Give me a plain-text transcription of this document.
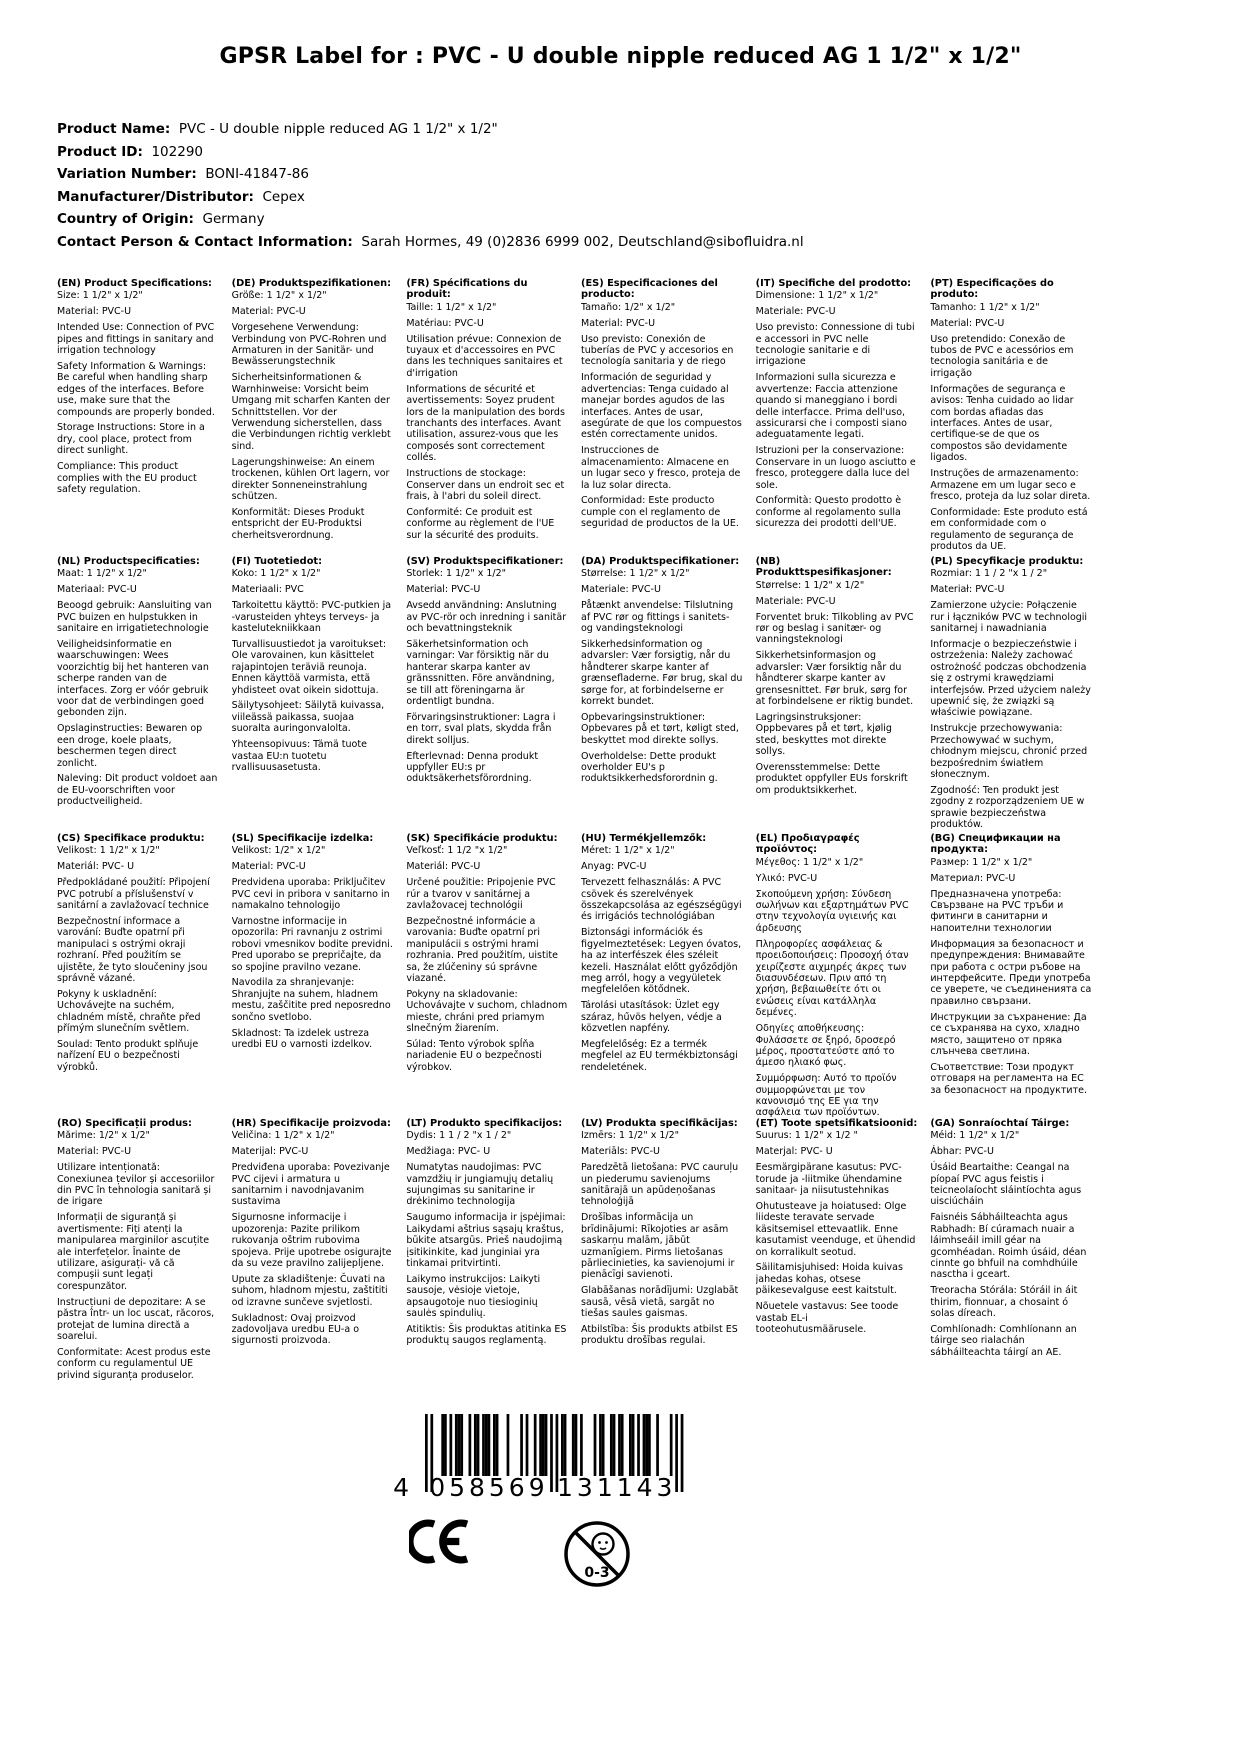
GPSR Label for : PVC - U double nipple reduced AG 1 1/2" x 1/2"
Product Name:  PVC - U double nipple reduced AG 1 1/2" x 1/2"
Product ID:  102290
Variation Number:  BONI-41847-86
Manufacturer/Distributor:  Cepex
Country of Origin:  Germany
Contact Person & Contact Information:  Sarah Hormes, 49 (0)2836 6999 002, Deutschland@sibofluidra.nl
(EN) Product Specifications:

Size: 1 1/2" x 1/2"

Material: PVC-U

Intended Use: Connection of PVC pipes and fittings in sanitary and irrigation technology

Safety Information & Warnings: Be careful when handling sharp edges of the interfaces. Before use, make sure that the compounds are properly bonded.

Storage Instructions: Store in a dry, cool place, protect from direct sunlight.

Compliance: This product complies with the EU product safety regulation.

(DE) Produktspezifikationen:

Größe: 1 1/2" x 1/2"

Material: PVC-U

Vorgesehene Verwendung: Verbindung von PVC-Rohren und Armaturen in der Sanitär- und Bewässerungstechnik

Sicherheitsinformationen & Warnhinweise: Vorsicht beim Umgang mit scharfen Kanten der Schnittstellen. Vor der Verwendung sicherstellen, dass die Verbindungen richtig verklebt sind.

Lagerungshinweise: An einem trockenen, kühlen Ort lagern, vor direkter Sonneneinstrahlung schützen.

Konformität: Dieses Produkt entspricht der EU-Produktsi cherheitsverordnung.

(FR) Spécifications du produit:

Taille: 1 1/2" x 1/2"

Matériau: PVC-U

Utilisation prévue: Connexion de tuyaux et d'accessoires en PVC dans les techniques sanitaires et d'irrigation

Informations de sécurité et avertissements: Soyez prudent lors de la manipulation des bords tranchants des interfaces. Avant utilisation, assurez-vous que les composés sont correctement collés.

Instructions de stockage: Conserver dans un endroit sec et frais, à l'abri du soleil direct.

Conformité: Ce produit est conforme au règlement de l'UE sur la sécurité des produits.

(ES) Especificaciones del producto:

Tamaño: 1/2" x 1/2"

Material: PVC-U

Uso previsto: Conexión de tuberías de PVC y accesorios en tecnología sanitaria y de riego

Información de seguridad y advertencias: Tenga cuidado al manejar bordes agudos de las interfaces. Antes de usar, asegúrate de que los compuestos estén correctamente unidos.

Instrucciones de almacenamiento: Almacene en un lugar seco y fresco, proteja de la luz solar directa.

Conformidad: Este producto cumple con el reglamento de seguridad de productos de la UE.

(IT) Specifiche del prodotto:

Dimensione: 1 1/2" x 1/2"

Materiale: PVC-U

Uso previsto: Connessione di tubi e accessori in PVC nelle tecnologie sanitarie e di irrigazione

Informazioni sulla sicurezza e avvertenze: Faccia attenzione quando si maneggiano i bordi delle interfacce. Prima dell'uso, assicurarsi che i composti siano adeguatamente legati.

Istruzioni per la conservazione: Conservare in un luogo asciutto e fresco, proteggere dalla luce del sole.

Conformità: Questo prodotto è conforme al regolamento sulla sicurezza dei prodotti dell'UE.

(PT) Especificações do produto:

Tamanho: 1 1/2" x 1/2"

Material: PVC-U

Uso pretendido: Conexão de tubos de PVC e acessórios em tecnologia sanitária e de irrigação

Informações de segurança e avisos: Tenha cuidado ao lidar com bordas afiadas das interfaces. Antes de usar, certifique-se de que os compostos são devidamente ligados.

Instruções de armazenamento: Armazene em um lugar seco e fresco, proteja da luz solar direta.

Conformidade: Este produto está em conformidade com o regulamento de segurança de produtos da UE.

(NL) Productspecificaties:

Maat: 1 1/2" x 1/2"

Materiaal: PVC-U

Beoogd gebruik: Aansluiting van PVC buizen en hulpstukken in sanitaire en irrigatietechnologie

Veiligheidsinformatie en waarschuwingen: Wees voorzichtig bij het hanteren van scherpe randen van de interfaces. Zorg er vóór gebruik voor dat de verbindingen goed gebonden zijn.

Opslaginstructies: Bewaren op een droge, koele plaats, beschermen tegen direct zonlicht.

Naleving: Dit product voldoet aan de EU-voorschriften voor productveiligheid.

(FI) Tuotetiedot:

Koko: 1 1/2" x 1/2"

Materiaali: PVC

Tarkoitettu käyttö: PVC-putkien ja -varusteiden yhteys terveys- ja kastelutekniikkaan

Turvallisuustiedot ja varoitukset: Ole varovainen, kun käsittelet rajapintojen teräviä reunoja. Ennen käyttöä varmista, että yhdisteet ovat oikein sidottuja.

Säilytysohjeet: Säilytä kuivassa, viileässä paikassa, suojaa suoralta auringonvalolta.

Yhteensopivuus: Tämä tuote vastaa EU:n tuotetu rvallisuusasetusta.

(SV) Produktspecifikationer:

Storlek: 1 1/2" x 1/2"

Material: PVC-U

Avsedd användning: Anslutning av PVC-rör och inredning i sanitär och bevattningsteknik

Säkerhetsinformation och varningar: Var försiktig när du hanterar skarpa kanter av gränssnitten. Före användning, se till att föreningarna är ordentligt bundna.

Förvaringsinstruktioner: Lagra i en torr, sval plats, skydda från direkt solljus.

Efterlevnad: Denna produkt uppfyller EU:s pr oduktsäkerhetsförordning.

(DA) Produktspecifikationer:

Størrelse: 1 1/2" x 1/2"

Materiale: PVC-U

Påtænkt anvendelse: Tilslutning af PVC rør og fittings i sanitets- og vandingsteknologi

Sikkerhedsinformation og advarsler: Vær forsigtig, når du håndterer skarpe kanter af grænsefladerne. Før brug, skal du sørge for, at forbindelserne er korrekt bundet.

Opbevaringsinstruktioner: Opbevares på et tørt, køligt sted, beskyttet mod direkte sollys.

Overholdelse: Dette produkt overholder EU's p roduktsikkerhedsforordnin g.

(NB) Produkttspesifikasjoner:

Størrelse: 1 1/2" x 1/2"

Materiale: PVC-U

Forventet bruk: Tilkobling av PVC rør og beslag i sanitær- og vanningsteknologi

Sikkerhetsinformasjon og advarsler: Vær forsiktig når du håndterer skarpe kanter av grensesnittet. Før bruk, sørg for at forbindelsene er riktig bundet.

Lagringsinstruksjoner: Oppbevares på et tørt, kjølig sted, beskyttes mot direkte sollys.

Overensstemmelse: Dette produktet oppfyller EUs forskrift om produktsikkerhet.

(PL) Specyfikacje produktu:

Rozmiar: 1 1 / 2 "x 1 / 2"

Materiał: PVC-U

Zamierzone użycie: Połączenie rur i łączników PVC w technologii sanitarnej i nawadniania

Informacje o bezpieczeństwie i ostrzeżenia: Należy zachować ostrożność podczas obchodzenia się z ostrymi krawędziami interfejsów. Przed użyciem należy upewnić się, że związki są właściwie powiązane.

Instrukcje przechowywania: Przechowywać w suchym, chłodnym miejscu, chronić przed bezpośrednim światłem słonecznym.

Zgodność: Ten produkt jest zgodny z rozporządzeniem UE w sprawie bezpieczeństwa produktów.

(CS) Specifikace produktu:

Velikost: 1 1/2" x 1/2"

Materiál: PVC- U

Předpokládané použití: Připojení PVC potrubí a příslušenství v sanitární a zavlažovací technice

Bezpečnostní informace a varování: Buďte opatrní při manipulaci s ostrými okraji rozhraní. Před použitím se ujistěte, že tyto sloučeniny jsou správně vázané.

Pokyny k uskladnění: Uchovávejte na suchém, chladném místě, chraňte před přímým slunečním světlem.

Soulad: Tento produkt splňuje nařízení EU o bezpečnosti výrobků.

(SL) Specifikacije izdelka:

Velikost: 1/2" x 1/2"

Material: PVC-U

Predvidena uporaba: Priključitev PVC cevi in pribora v sanitarno in namakalno tehnologijo

Varnostne informacije in opozorila: Pri ravnanju z ostrimi robovi vmesnikov bodite previdni. Pred uporabo se prepričajte, da so spojine pravilno vezane.

Navodila za shranjevanje: Shranjujte na suhem, hladnem mestu, zaščitite pred neposredno sončno svetlobo.

Skladnost: Ta izdelek ustreza uredbi EU o varnosti izdelkov.

(SK) Špecifikácie produktu:

Veľkosť: 1 1/2 "x 1/2"

Materiál: PVC-U

Určené použitie: Pripojenie PVC rúr a tvarov v sanitárnej a zavlažovacej technológii

Bezpečnostné informácie a varovania: Buďte opatrní pri manipulácii s ostrými hrami rozhrania. Pred použitím, uistite sa, že zlúčeniny sú správne viazané.

Pokyny na skladovanie: Uchovávajte v suchom, chladnom mieste, chráni pred priamym slnečným žiarením.

Súlad: Tento výrobok spĺňa nariadenie EU o bezpečnosti výrobkov.

(HU) Termékjellemzők:

Méret: 1 1/2" x 1/2"

Anyag: PVC-U

Tervezett felhasználás: A PVC csövek és szerelvények összekapcsolása az egészségügyi és irrigációs technológiában

Biztonsági információk és figyelmeztetések: Legyen óvatos, ha az interfészek éles széleit kezeli. Használat előtt győződjön meg arról, hogy a vegyületek megfelelően kötődnek.

Tárolási utasítások: Üzlet egy száraz, hűvös helyen, védje a közvetlen napfény.

Megfelelőség: Ez a termék megfelel az EU termékbiztonsági rendeletének.

(EL) Προδιαγραφές προϊόντος:

Μέγεθος: 1 1/2" x 1/2"

Υλικό: PVC-U

Σκοπούμενη χρήση: Σύνδεση σωλήνων και εξαρτημάτων PVC στην τεχνολογία υγιεινής και άρδευσης

Πληροφορίες ασφάλειας & προειδοποιήσεις: Προσοχή όταν χειρίζεστε αιχμηρές άκρες των διασυνδέσεων. Πριν από τη χρήση, βεβαιωθείτε ότι οι ενώσεις είναι κατάλληλα δεμένες.

Οδηγίες αποθήκευσης: Φυλάσσετε σε ξηρό, δροσερό μέρος, προστατεύστε από το άμεσο ηλιακό φως.

Συμμόρφωση: Αυτό το προϊόν συμμορφώνεται με τον κανονισμό της ΕΕ για την ασφάλεια των προϊόντων.

(BG) Спецификации на продукта:

Размер: 1 1/2" x 1/2"

Материал: PVC-U

Предназначена употреба: Свързване на PVC тръби и фитинги в санитарни и напоителни технологии

Информация за безопасност и предупреждения: Внимавайте при работа с остри ръбове на интерфейсите. Преди употреба се уверете, че съединенията са правилно свързани.

Инструкции за съхранение: Да се съхранява на сухо, хладно място, защитено от пряка слънчева светлина.

Съответствие: Този продукт отговаря на регламента на ЕС за безопасност на продуктите.

(RO) Specificații produs:

Mărime: 1/2" x 1/2"

Material: PVC-U

Utilizare intenționată: Conexiunea țevilor și accesoriilor din PVC în tehnologia sanitară și de irigare

Informații de siguranță și avertismente: Fiți atenți la manipularea marginilor ascuțite ale interfețelor. Înainte de utilizare, asigurați- vă că compușii sunt legați corespunzător.

Instrucțiuni de depozitare: A se păstra într- un loc uscat, răcoros, protejat de lumina directă a soarelui.

Conformitate: Acest produs este conform cu regulamentul UE privind siguranța produselor.

(HR) Specifikacije proizvoda:

Veličina: 1 1/2" x 1/2"

Materijal: PVC-U

Predviđena uporaba: Povezivanje PVC cijevi i armatura u sanitarnim i navodnjavanim sustavima

Sigurnosne informacije i upozorenja: Pazite prilikom rukovanja oštrim rubovima spojeva. Prije upotrebe osigurajte da su veze pravilno zalijepljene.

Upute za skladištenje: Čuvati na suhom, hladnom mjestu, zaštititi od izravne sunčeve svjetlosti.

Sukladnost: Ovaj proizvod zadovoljava uredbu EU-a o sigurnosti proizvoda.

(LT) Produkto specifikacijos:

Dydis: 1 1 / 2 "x 1 / 2"

Medžiaga: PVC- U

Numatytas naudojimas: PVC vamzdžių ir jungiamųjų detalių sujungimas su sanitarine ir drėkinimo technologija

Saugumo informacija ir įspėjimai: Laikydami aštrius sąsajų kraštus, būkite atsargūs. Prieš naudojimą įsitikinkite, kad junginiai yra tinkamai pritvirtinti.

Laikymo instrukcijos: Laikyti sausoje, vėsioje vietoje, apsaugotoje nuo tiesioginių saulės spindulių.

Atitiktis: Šis produktas atitinka ES produktų saugos reglamentą.

(LV) Produkta specifikācijas:

Izmērs: 1 1/2" x 1/2"

Materiāls: PVC-U

Paredzētā lietošana: PVC cauruļu un piederumu savienojums sanitārajā un apūdeņošanas tehnoloģijā

Drošības informācija un brīdinājumi: Rīkojoties ar asām saskarņu malām, jābūt uzmanīgiem. Pirms lietošanas pārliecinieties, ka savienojumi ir pienācīgi savienoti.

Glabāšanas norādījumi: Uzglabāt sausā, vēsā vietā, sargāt no tiešas saules gaismas.

Atbilstība: Šis produkts atbilst ES produktu drošības regulai.

(ET) Toote spetsifikatsioonid:

Suurus: 1 1/2" x 1/2 "

Materjal: PVC- U

Eesmärgipärane kasutus: PVC-torude ja -liitmike ühendamine sanitaar- ja niisutustehnikas

Ohutusteave ja hoiatused: Olge liideste teravate servade käsitsemisel ettevaatlik. Enne kasutamist veenduge, et ühendid on korralikult seotud.

Säilitamisjuhised: Hoida kuivas jahedas kohas, otsese päikesevalguse eest kaitstult.

Nõuetele vastavus: See toode vastab EL-i tooteohutusmäärusele.

(GA) Sonraíochtaí Táirge:

Méid: 1 1/2" x 1/2"

Ábhar: PVC-U

Úsáid Beartaithe: Ceangal na píopaí PVC agus feistis i teicneolaíocht sláintíochta agus uisciúcháin

Faisnéis Sábháilteachta agus Rabhadh: Bí cúramach nuair a láimhseáil imill géar na gcomhéadan. Roimh úsáid, déan cinnte go bhfuil na comhdhúile nasctha i gceart.

Treoracha Stórála: Stóráil in áit thirim, fionnuar, a chosaint ó solas díreach.

Comhlíonadh: Comhlíonann an táirge seo rialachán sábháilteachta táirgí an AE.

4 058569 131143
0-3
